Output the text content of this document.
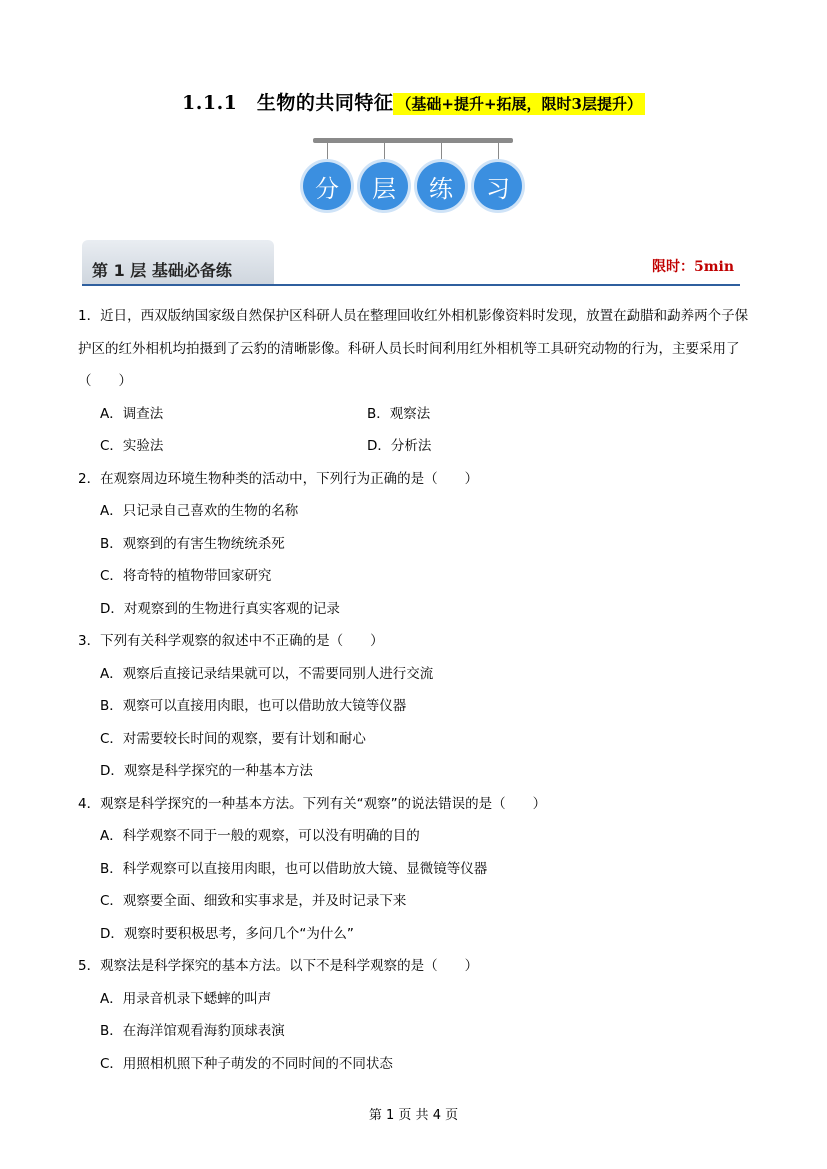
1.1.1　生物的共同特征 （基础+提升+拓展，限时3层提升）
分	层	练	习
第 1 层 基础必备练	限时：5min

1．近日，西双版纳国家级自然保护区科研人员在整理回收红外相机影像资料时发现，放置在勐腊和勐养两个子保护区的红外相机均拍摄到了云豹的清晰影像。科研人员长时间利用红外相机等工具研究动物的行为，主要采用了（　　）

A．调查法	B．观察法
C．实验法	D．分析法

2．在观察周边环境生物种类的活动中，下列行为正确的是（　　）

A．只记录自己喜欢的生物的名称

B．观察到的有害生物统统杀死

C．将奇特的植物带回家研究

D．对观察到的生物进行真实客观的记录

3．下列有关科学观察的叙述中不正确的是（　　）

A．观察后直接记录结果就可以，不需要同别人进行交流

B．观察可以直接用肉眼，也可以借助放大镜等仪器

C．对需要较长时间的观察，要有计划和耐心

D．观察是科学探究的一种基本方法

4．观察是科学探究的一种基本方法。下列有关“观察”的说法错误的是（　　）

A．科学观察不同于一般的观察，可以没有明确的目的

B．科学观察可以直接用肉眼，也可以借助放大镜、显微镜等仪器

C．观察要全面、细致和实事求是，并及时记录下来

D．观察时要积极思考，多问几个“为什么”

5．观察法是科学探究的基本方法。以下不是科学观察的是（　　）

A．用录音机录下蟋蟀的叫声

B．在海洋馆观看海豹顶球表演

C．用照相机照下种子萌发的不同时间的不同状态

第 1 页 共 4 页
